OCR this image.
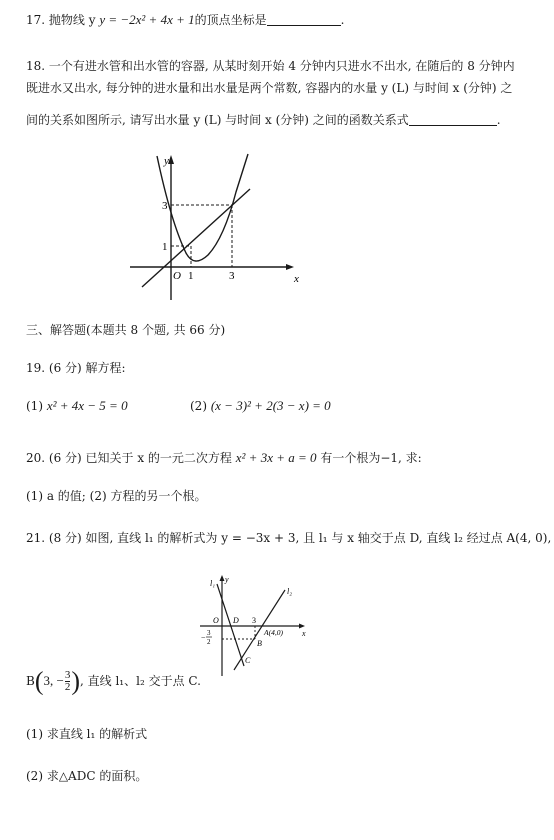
17. 抛物线 y y = −2x² + 4x + 1的顶点坐标是	.
18. 一个有进水管和出水管的容器, 从某时刻开始 4 分钟内只进水不出水, 在随后的 8 分钟内
既进水又出水, 每分钟的进水量和出水量是两个常数, 容器内的水量 y (L) 与时间 x (分钟) 之
间的关系如图所示, 请写出水量 y (L) 与时间 x (分钟) 之间的函数关系式	.
y
x
O 1	3
1
3
三、解答题(本题共 8 个题, 共 66 分)
19. (6 分) 解方程:
(1) x² + 4x − 5 = 0	(2) (x − 3)² + 2(3 − x) = 0
20. (6 分) 已知关于 x 的一元二次方程 x² + 3x + a = 0 有一个根为−1, 求:
(1) a 的值; (2) 方程的另一个根。
21. (8 分) 如图, 直线 l₁ 的解析式为 y = −3x + 3, 且 l₁ 与 x 轴交于点 D, 直线 l₂ 经过点 A(4, 0),
l₁ y
l₂
x
O D 3
A(4,0)
B
C
− 3
2
B(3, − $\frac{3}{2}$ ), 直线 l₁、l₂ 交于点 C.
(1) 求直线 l₁ 的解析式
(2) 求△ADC 的面积。
